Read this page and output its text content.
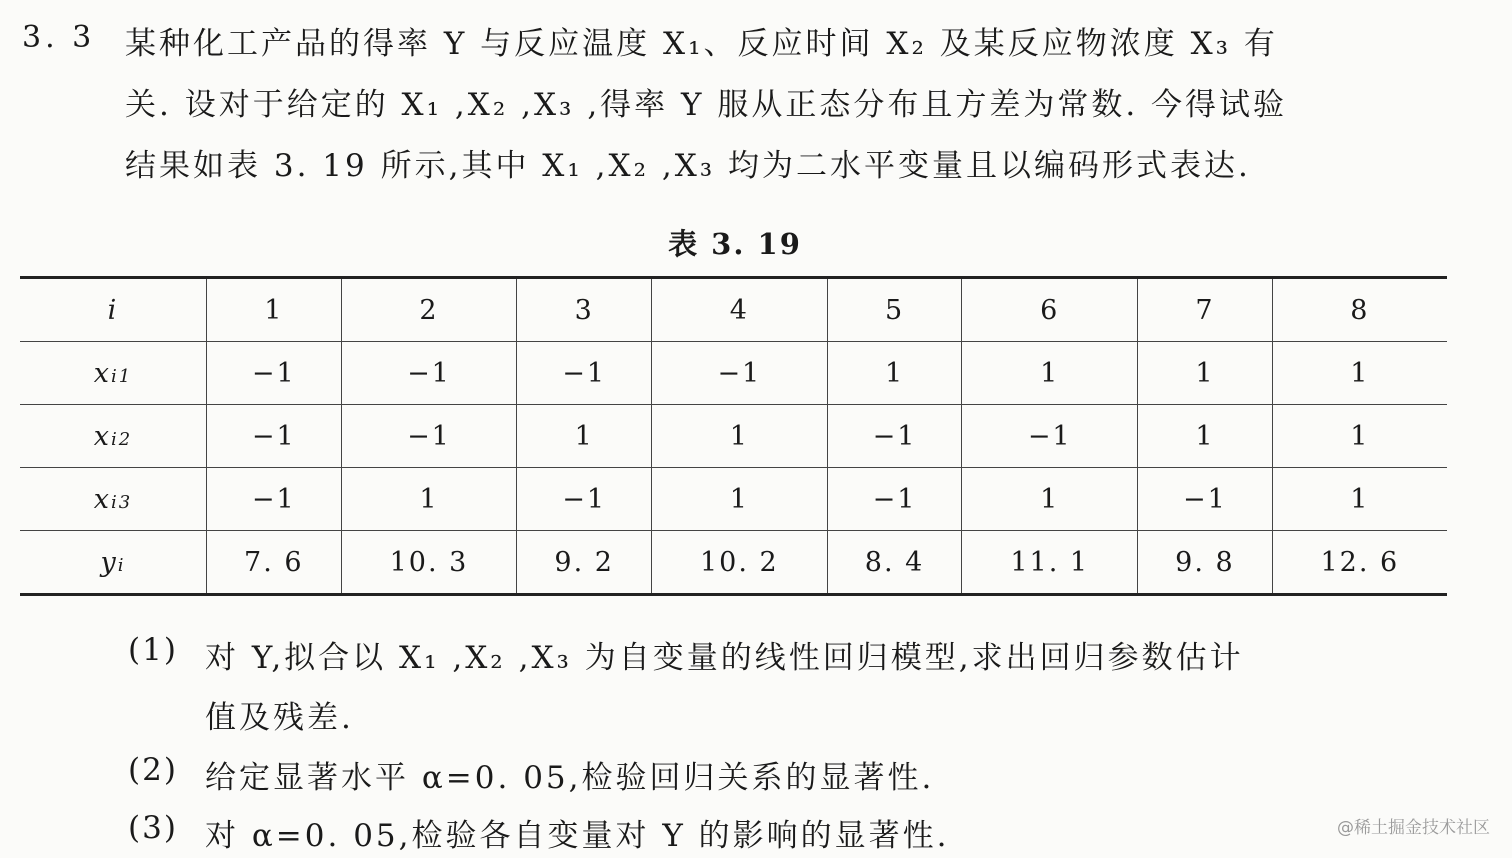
3. 3 某种化工产品的得率 Y 与反应温度 X₁、反应时间 X₂ 及某反应物浓度 X₃ 有
关. 设对于给定的 X₁ ,X₂ ,X₃ ,得率 Y 服从正态分布且方差为常数. 今得试验
结果如表 3. 19 所示,其中 X₁ ,X₂ ,X₃ 均为二水平变量且以编码形式表达.
表 3. 19
i	1	2	3	4	5	6	7	8
xi1	−1	−1	−1	−1	1	1	1	1
xi2	−1	−1	1	1	−1	−1	1	1
xi3	−1	1	−1	1	−1	1	−1	1
yi	7. 6	10. 3	9. 2	10. 2	8. 4	11. 1	9. 8	12. 6
(1) 对 Y,拟合以 X₁ ,X₂ ,X₃ 为自变量的线性回归模型,求出回归参数估计
值及残差.
(2) 给定显著水平 α=0. 05,检验回归关系的显著性.
(3) 对 α=0. 05,检验各自变量对 Y 的影响的显著性.	@稀土掘金技术社区
